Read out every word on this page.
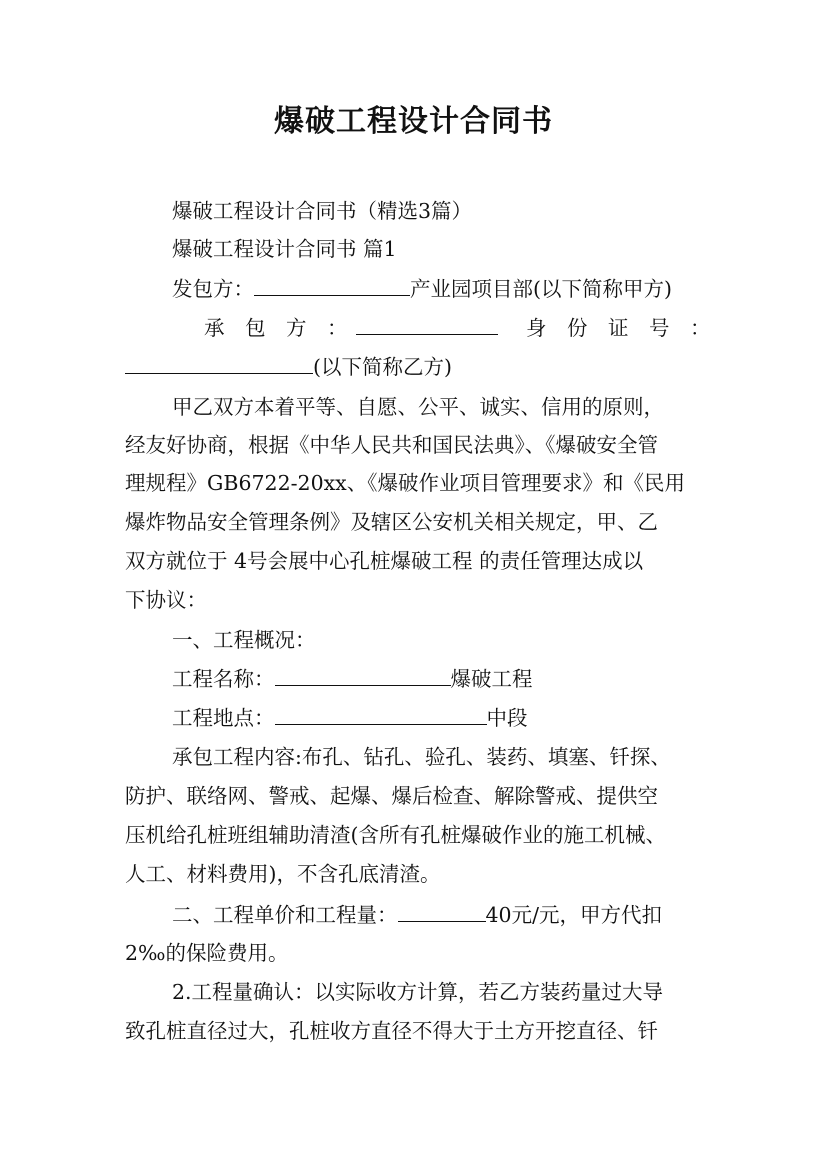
爆破工程设计合同书
爆破工程设计合同书（精选3篇）
爆破工程设计合同书 篇1
发包方：	产业园项目部(以下简称甲方)
承  包  方  ：	身  份  证  号  ：
(以下简称乙方)
甲乙双方本着平等、自愿、公平、诚实、信用的原则，
经友好协商，根据《中华人民共和国民法典》、《爆破安全管
理规程》GB6722-20xx、《爆破作业项目管理要求》和《民用
爆炸物品安全管理条例》及辖区公安机关相关规定，甲、乙
双方就位于 4号会展中心孔桩爆破工程 的责任管理达成以
下协议：
一、工程概况：
工程名称：	爆破工程
工程地点：	中段
承包工程内容:布孔、钻孔、验孔、装药、填塞、钎探、
防护、联络网、警戒、起爆、爆后检查、解除警戒、提供空
压机给孔桩班组辅助清渣(含所有孔桩爆破作业的施工机械、
人工、材料费用)，不含孔底清渣。
二、工程单价和工程量：	40元/元，甲方代扣
2‰的保险费用。
2.工程量确认：以实际收方计算，若乙方装药量过大导
致孔桩直径过大，孔桩收方直径不得大于土方开挖直径、钎
